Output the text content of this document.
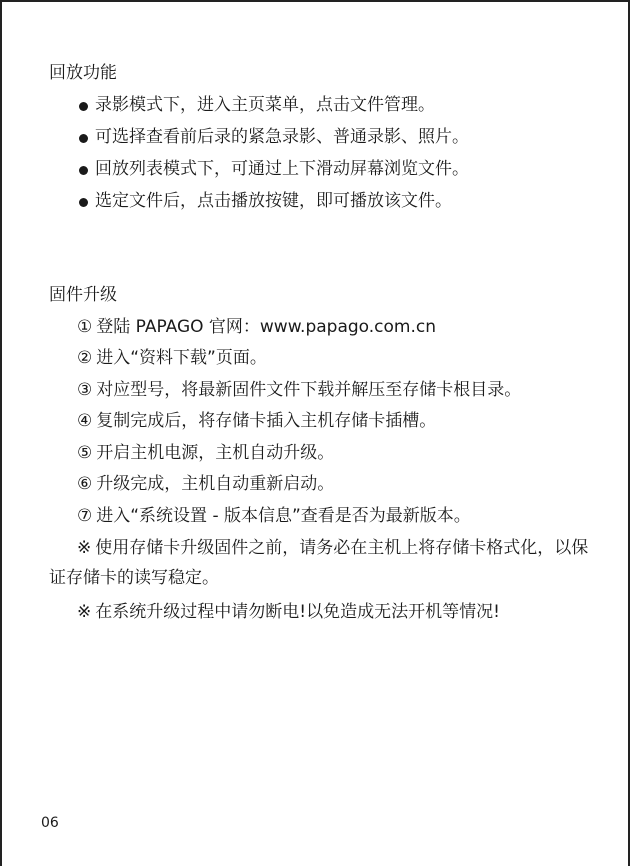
回放功能
录影模式下，进入主页菜单，点击文件管理。
可选择查看前后录的紧急录影、普通录影、照片。
回放列表模式下，可通过上下滑动屏幕浏览文件。
选定文件后，点击播放按键，即可播放该文件。
固件升级
① 登陆 PAPAGO 官网：www.papago.com.cn
② 进入“资料下载”页面。
③ 对应型号，将最新固件文件下载并解压至存储卡根目录。
④ 复制完成后，将存储卡插入主机存储卡插槽。
⑤ 开启主机电源，主机自动升级。
⑥ 升级完成，主机自动重新启动。
⑦ 进入“系统设置 - 版本信息”查看是否为最新版本。

※ 使用存储卡升级固件之前，请务必在主机上将存储卡格式化，以保证存储卡的读写稳定。

※ 在系统升级过程中请勿断电!以免造成无法开机等情况!

06
